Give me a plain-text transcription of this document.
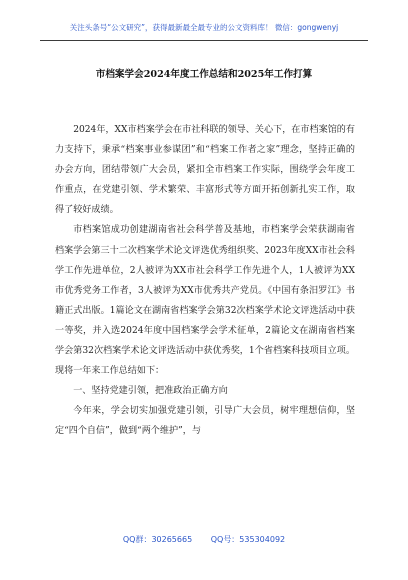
关注头条号“公文研究”，获得最新最全最专业的公文资料库！ 微信：gongwenyj
市档案学会2024年度工作总结和2025年工作打算

2024年，XX市档案学会在市社科联的领导、关心下，在市档案馆的有力支持下，秉承“档案事业参谋团”和“档案工作者之家”理念，坚持正确的办会方向，团结带领广大会员，紧扣全市档案工作实际，围绕学会年度工作重点，在党建引领、学术繁荣、丰富形式等方面开拓创新扎实工作，取得了较好成绩。

市档案馆成功创建湖南省社会科学普及基地，市档案学会荣获湖南省档案学会第三十二次档案学术论文评选优秀组织奖、2023年度XX市社会科学工作先进单位，2人被评为XX市社会科学工作先进个人，1人被评为XX市优秀党务工作者，3人被评为XX市优秀共产党员。《中国有条汨罗江》书籍正式出版。1篇论文在湖南省档案学会第32次档案学术论文评选活动中获一等奖，并入选2024年度中国档案学会学术征单，2篇论文在湖南省档案学会第32次档案学术论文评选活动中获优秀奖，1个省档案科技项目立项。现将一年来工作总结如下：

一、坚持党建引领，把准政治正确方向

今年来，学会切实加强党建引领，引导广大会员，树牢理想信仰，坚定“四个自信”，做到“两个维护”，与

QQ群：30265665 QQ号：535304092
